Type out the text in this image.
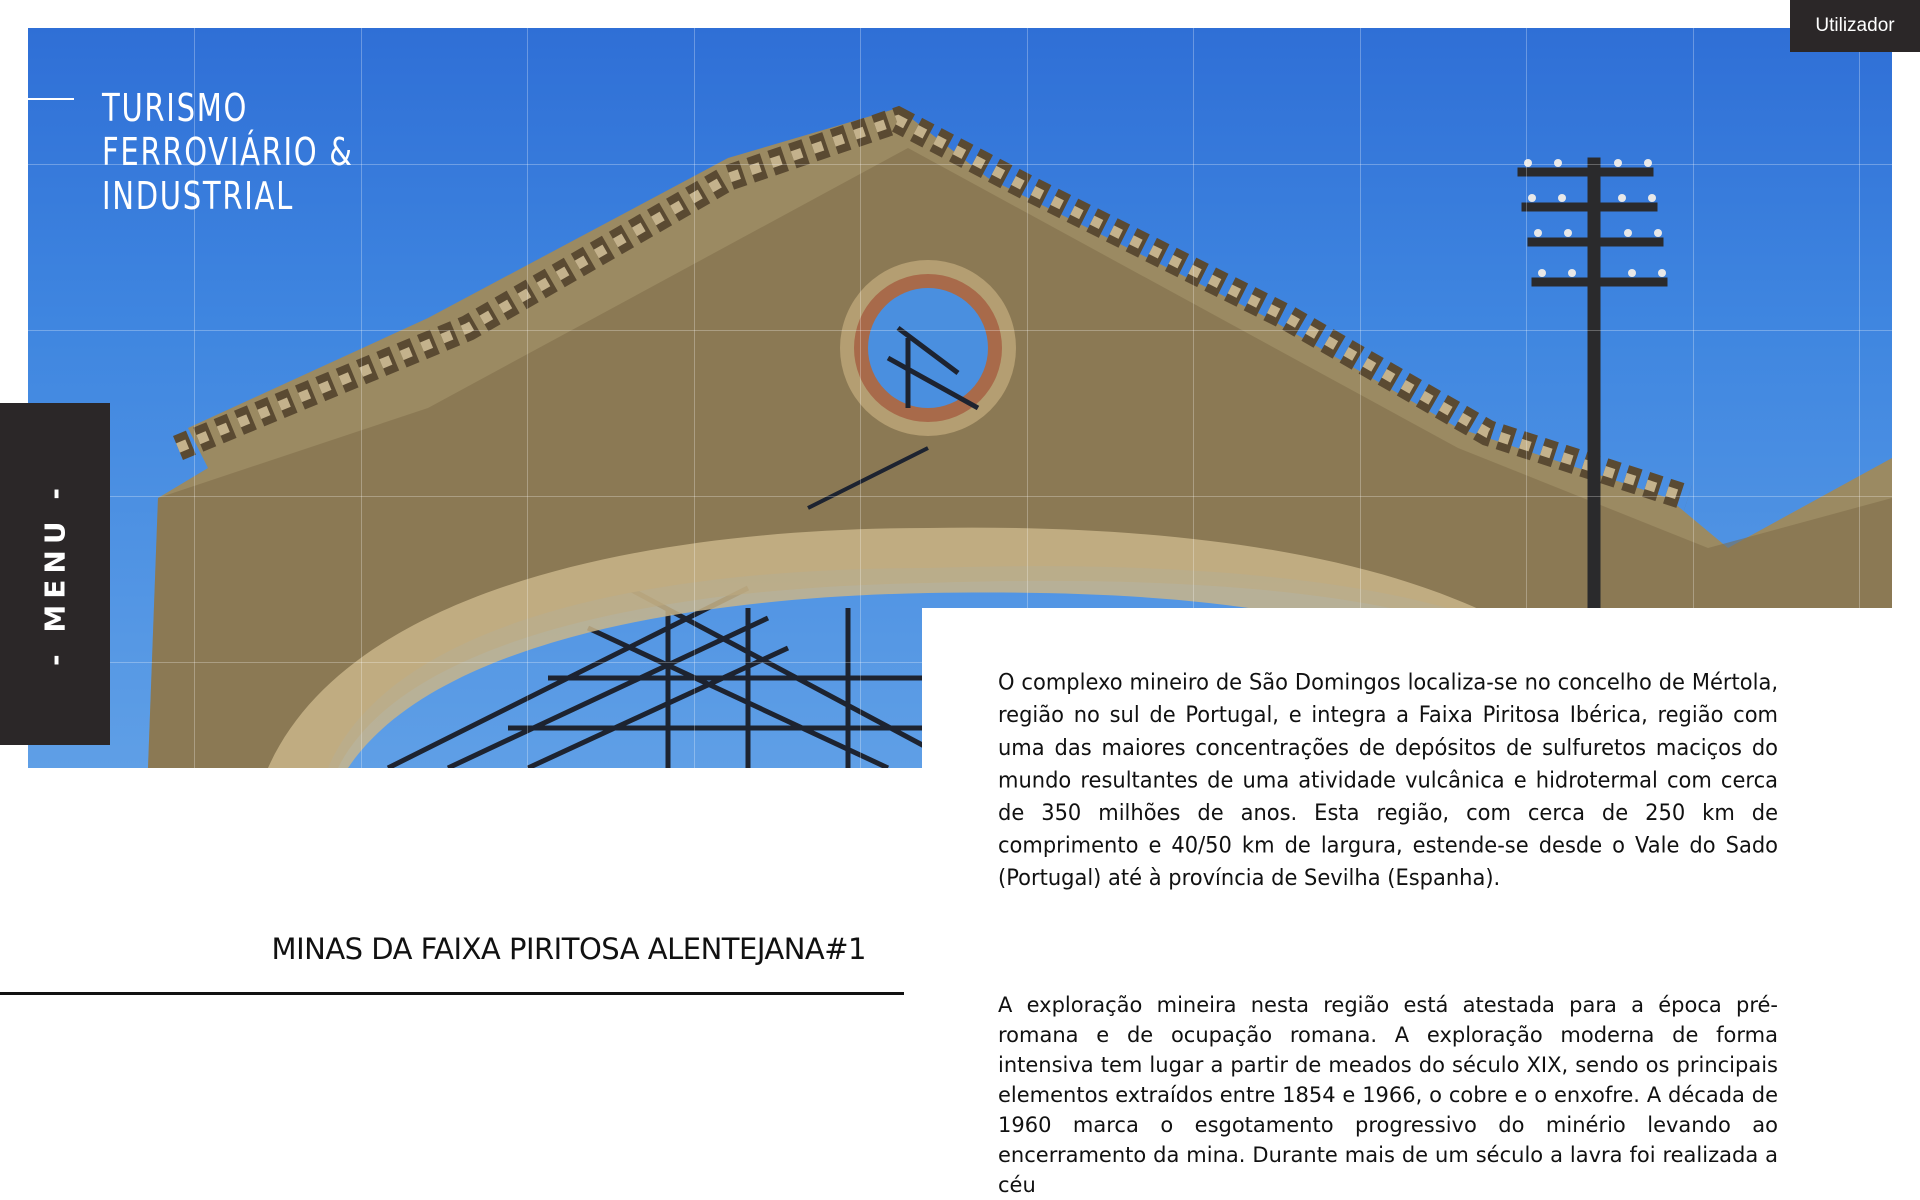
TURISMO
FERROVIÁRIO &
INDUSTRIAL
Utilizador
- MENU -

O complexo mineiro de São Domingos localiza-se no concelho de Mértola, região no sul de Portugal, e integra a Faixa Piritosa Ibérica, região com uma das maiores concentrações de depósitos de sulfuretos maciços do mundo resultantes de uma atividade vulcânica e hidrotermal com cerca de 350 milhões de anos. Esta região, com cerca de 250 km de comprimento e 40/50 km de largura, estende-se desde o Vale do Sado (Portugal) até à província de Sevilha (Espanha).

MINAS DA FAIXA PIRITOSA ALENTEJANA#1

A exploração mineira nesta região está atestada para a época pré-romana e de ocupação romana. A exploração moderna de forma intensiva tem lugar a partir de meados do século XIX, sendo os principais elementos extraídos entre 1854 e 1966, o cobre e o enxofre. A década de 1960 marca o esgotamento progressivo do minério levando ao encerramento da mina. Durante mais de um século a lavra foi realizada a céu
